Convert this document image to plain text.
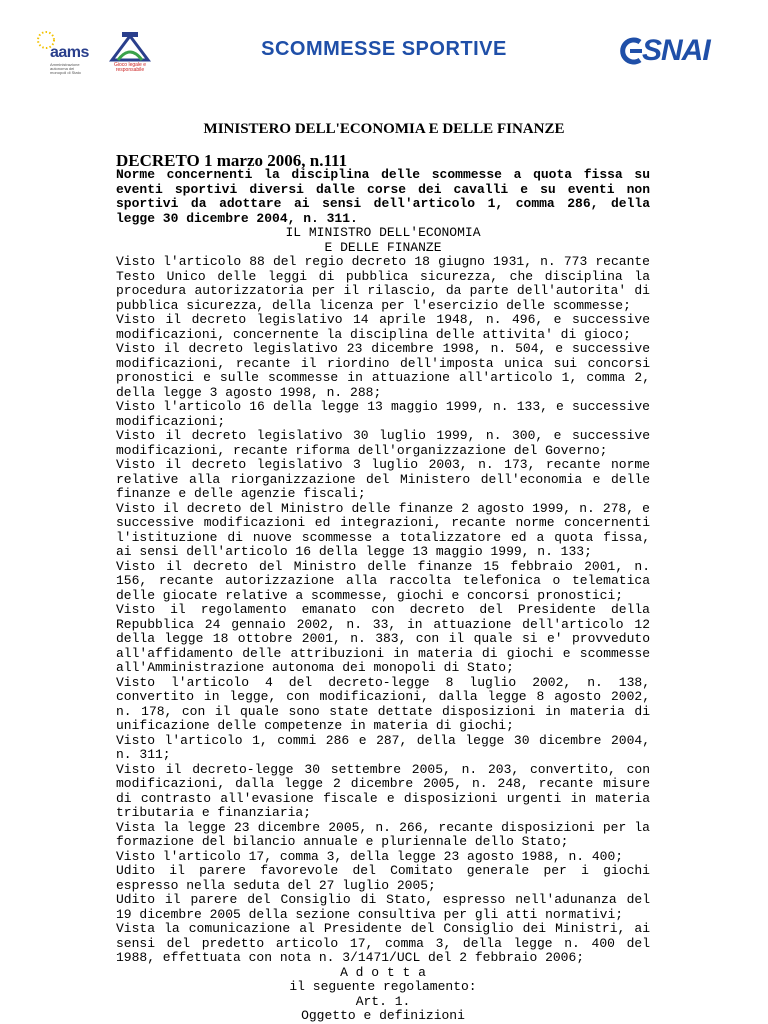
aams
Amministrazione autonoma dei monopoli di Stato
Gioco legale e responsabile
SCOMMESSE SPORTIVE	SNAI
MINISTERO DELL'ECONOMIA E DELLE FINANZE
DECRETO 1 marzo 2006, n.111

Norme concernenti la disciplina delle scommesse a quota fissa su eventi sportivi diversi dalle corse dei cavalli e su eventi non sportivi da adottare ai sensi dell'articolo 1, comma 286, della legge 30 dicembre 2004, n. 311.

IL MINISTRO DELL'ECONOMIA
E DELLE FINANZE
Visto l'articolo 88 del regio decreto 18 giugno 1931, n. 773 recante Testo Unico delle leggi di pubblica sicurezza, che disciplina la procedura autorizzatoria per il rilascio, da parte dell'autorita' di pubblica sicurezza, della licenza per l'esercizio delle scommesse;
Visto il decreto legislativo 14 aprile 1948, n. 496, e successive modificazioni, concernente la disciplina delle attivita' di gioco;
Visto il decreto legislativo 23 dicembre 1998, n. 504, e successive modificazioni, recante il riordino dell'imposta unica sui concorsi pronostici e sulle scommesse in attuazione all'articolo 1, comma 2, della legge 3 agosto 1998, n. 288;
Visto l'articolo 16 della legge 13 maggio 1999, n. 133, e successive modificazioni;
Visto il decreto legislativo 30 luglio 1999, n. 300, e successive modificazioni, recante riforma dell'organizzazione del Governo;
Visto il decreto legislativo 3 luglio 2003, n. 173, recante norme relative alla riorganizzazione del Ministero dell'economia e delle finanze e delle agenzie fiscali;
Visto il decreto del Ministro delle finanze 2 agosto 1999, n. 278, e successive modificazioni ed integrazioni, recante norme concernenti l'istituzione di nuove scommesse a totalizzatore ed a quota fissa, ai sensi dell'articolo 16 della legge 13 maggio 1999, n. 133;
Visto il decreto del Ministro delle finanze 15 febbraio 2001, n. 156, recante autorizzazione alla raccolta telefonica o telematica delle giocate relative a scommesse, giochi e concorsi pronostici;
Visto il regolamento emanato con decreto del Presidente della Repubblica 24 gennaio 2002, n. 33, in attuazione dell'articolo 12 della legge 18 ottobre 2001, n. 383, con il quale si e' provveduto all'affidamento delle attribuzioni in materia di giochi e scommesse all'Amministrazione autonoma dei monopoli di Stato;
Visto l'articolo 4 del decreto-legge 8 luglio 2002, n. 138, convertito in legge, con modificazioni, dalla legge 8 agosto 2002, n. 178, con il quale sono state dettate disposizioni in materia di unificazione delle competenze in materia di giochi;
Visto l'articolo 1, commi 286 e 287, della legge 30 dicembre 2004, n. 311;
Visto il decreto-legge 30 settembre 2005, n. 203, convertito, con modificazioni, dalla legge 2 dicembre 2005, n. 248, recante misure di contrasto all'evasione fiscale e disposizioni urgenti in materia tributaria e finanziaria;
Vista la legge 23 dicembre 2005, n. 266, recante disposizioni per la formazione del bilancio annuale e pluriennale dello Stato;
Visto l'articolo 17, comma 3, della legge 23 agosto 1988, n. 400;
Udito il parere favorevole del Comitato generale per i giochi espresso nella seduta del 27 luglio 2005;
Udito il parere del Consiglio di Stato, espresso nell'adunanza del 19 dicembre 2005 della sezione consultiva per gli atti normativi;
Vista la comunicazione al Presidente del Consiglio dei Ministri, ai sensi del predetto articolo 17, comma 3, della legge n. 400 del 1988, effettuata con nota n. 3/1471/UCL del 2 febbraio 2006;
A d o t t a
il seguente regolamento:
Art. 1.
Oggetto e definizioni
